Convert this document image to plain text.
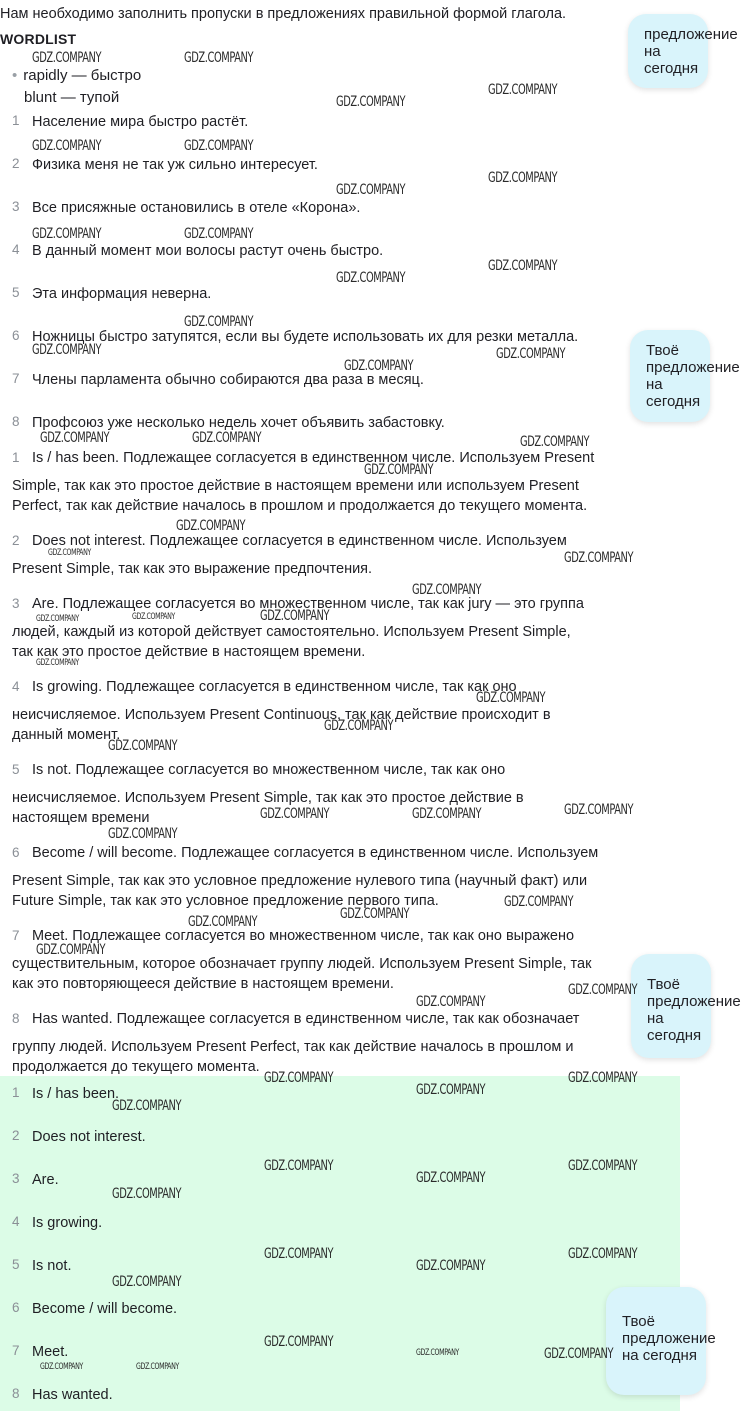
Нам необходимо заполнить пропуски в предложениях правильной формой глагола.
WORDLIST
• rapidly — быстро
blunt — тупой
1 Население мира быстро растёт.
2 Физика меня не так уж сильно интересует.
3 Все присяжные остановились в отеле «Корона».
4 В данный момент мои волосы растут очень быстро.
5 Эта информация неверна.
6 Ножницы быстро затупятся, если вы будете использовать их для резки металла.
7 Члены парламента обычно собираются два раза в месяц.
8 Профсоюз уже несколько недель хочет объявить забастовку.
1 Is / has been. Подлежащее согласуется в единственном числе. Используем Present
Simple, так как это простое действие в настоящем времени или используем Present
Perfect, так как действие началось в прошлом и продолжается до текущего момента.
2 Does not interest. Подлежащее согласуется в единственном числе. Используем
Present Simple, так как это выражение предпочтения.
3 Are. Подлежащее согласуется во множественном числе, так как jury — это группа
людей, каждый из которой действует самостоятельно. Используем Present Simple,
так как это простое действие в настоящем времени.
4 Is growing. Подлежащее согласуется в единственном числе, так как оно
неисчисляемое. Используем Present Continuous, так как действие происходит в
данный момент.
5 Is not. Подлежащее согласуется во множественном числе, так как оно
неисчисляемое. Используем Present Simple, так как это простое действие в
настоящем времени
6 Become / will become. Подлежащее согласуется в единственном числе. Используем
Present Simple, так как это условное предложение нулевого типа (научный факт) или
Future Simple, так как это условное предложение первого типа.
7 Meet. Подлежащее согласуется во множественном числе, так как оно выражено
существительным, которое обозначает группу людей. Используем Present Simple, так
как это повторяющееся действие в настоящем времени.
8 Has wanted. Подлежащее согласуется в единственном числе, так как обозначает
группу людей. Используем Present Perfect, так как действие началось в прошлом и
продолжается до текущего момента.
1 Is / has been.
2 Does not interest.
3 Are.
4 Is growing.
5 Is not.
6 Become / will become.
7 Meet.
8 Has wanted.
предложение
на сегодня
Твоё
предложение
на сегодня
Твоё
предложение
на сегодня
Твоё
предложение
на сегодня
GDZ.COMPANY	GDZ.COMPANY
GDZ.COMPANY
GDZ.COMPANY
GDZ.COMPANY	GDZ.COMPANY
GDZ.COMPANY
GDZ.COMPANY
GDZ.COMPANY	GDZ.COMPANY
GDZ.COMPANY
GDZ.COMPANY
GDZ.COMPANY
GDZ.COMPANY	GDZ.COMPANY
GDZ.COMPANY
GDZ.COMPANY	GDZ.COMPANY	GDZ.COMPANY
GDZ.COMPANY
GDZ.COMPANY
GDZ.COMPANY	GDZ.COMPANY
GDZ.COMPANY
GDZ.COMPANY	GDZ.COMPANY	GDZ.COMPANY
GDZ.COMPANY
GDZ.COMPANY
GDZ.COMPANY
GDZ.COMPANY
GDZ.COMPANY
GDZ.COMPANY	GDZ.COMPANY
GDZ.COMPANY
GDZ.COMPANY
GDZ.COMPANY
GDZ.COMPANY
GDZ.COMPANY
GDZ.COMPANY
GDZ.COMPANY
GDZ.COMPANY	GDZ.COMPANY
GDZ.COMPANY
GDZ.COMPANY
GDZ.COMPANY	GDZ.COMPANY
GDZ.COMPANY
GDZ.COMPANY
GDZ.COMPANY	GDZ.COMPANY
GDZ.COMPANY
GDZ.COMPANY
GDZ.COMPANY
GDZ.COMPANY	GDZ.COMPANY
GDZ.COMPANY	GDZ.COMPANY
